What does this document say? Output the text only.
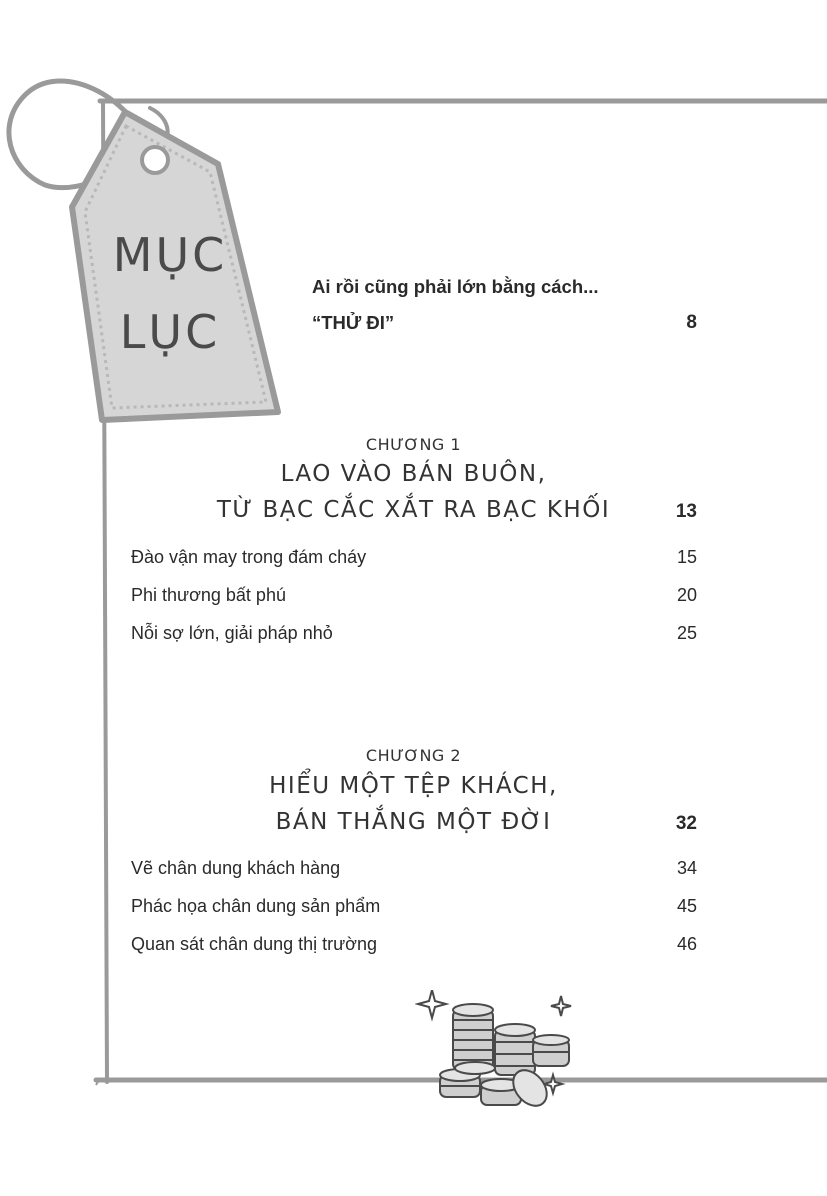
MỤC
LỤC
Ai rồi cũng phải lớn bằng cách...
“THỬ ĐI”	8
CHƯƠNG 1
LAO VÀO BÁN BUÔN,
TỪ BẠC CẮC XẮT RA BẠC KHỐI	13
Đào vận may trong đám cháy	15
Phi thương bất phú	20
Nỗi sợ lớn, giải pháp nhỏ	25
CHƯƠNG 2
HIỂU MỘT TỆP KHÁCH,
BÁN THẮNG MỘT ĐỜI	32
Vẽ chân dung khách hàng	34
Phác họa chân dung sản phẩm	45
Quan sát chân dung thị trường	46
